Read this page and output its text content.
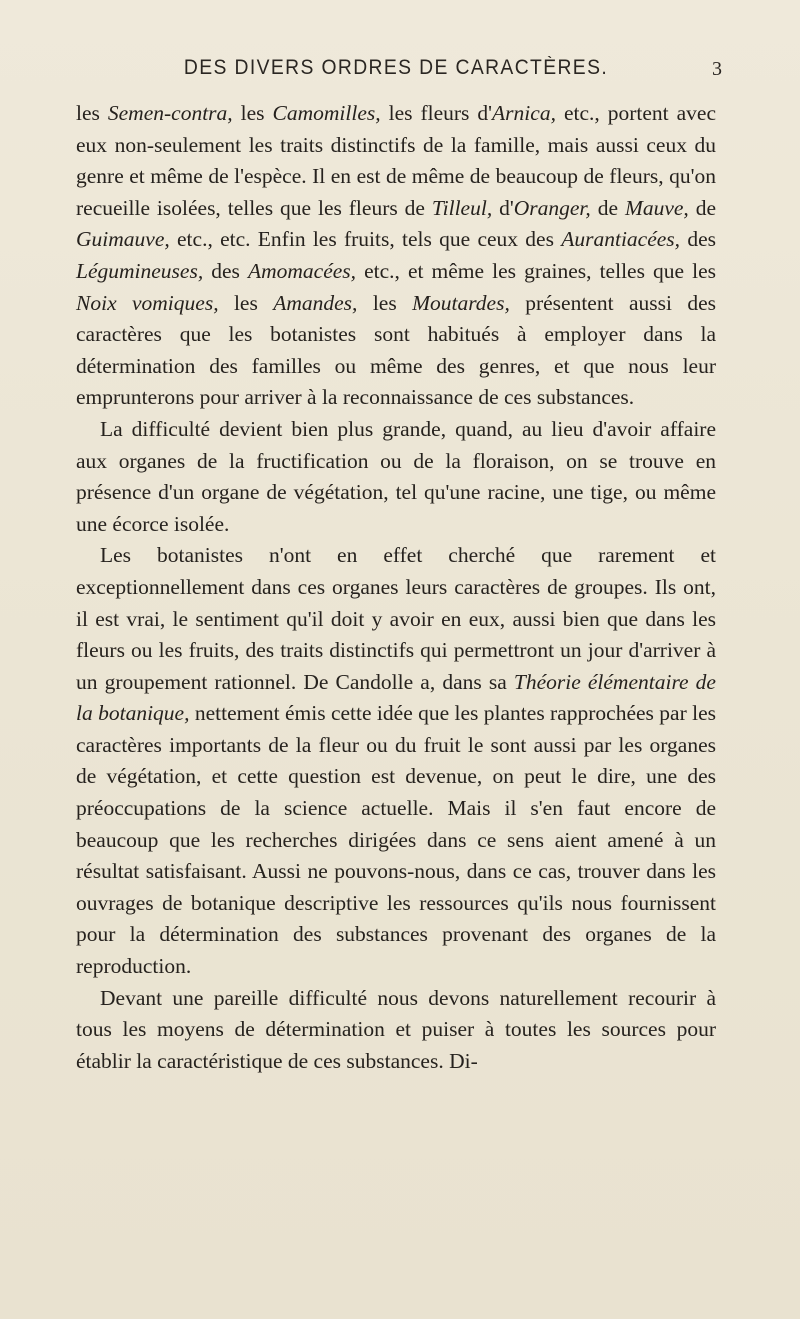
DES DIVERS ORDRES DE CARACTÈRES.	3

les Semen-contra, les Camomilles, les fleurs d'Arnica, etc., portent avec eux non-seulement les traits distinctifs de la famille, mais aussi ceux du genre et même de l'espèce. Il en est de même de beaucoup de fleurs, qu'on recueille isolées, telles que les fleurs de Tilleul, d'Oranger, de Mauve, de Guimauve, etc., etc. Enfin les fruits, tels que ceux des Aurantiacées, des Légumineuses, des Amomacées, etc., et même les graines, telles que les Noix vomiques, les Amandes, les Moutardes, présentent aussi des caractères que les botanistes sont habitués à employer dans la détermination des familles ou même des genres, et que nous leur emprunterons pour arriver à la reconnaissance de ces substances.

La difficulté devient bien plus grande, quand, au lieu d'avoir affaire aux organes de la fructification ou de la floraison, on se trouve en présence d'un organe de végétation, tel qu'une racine, une tige, ou même une écorce isolée.

Les botanistes n'ont en effet cherché que rarement et exceptionnellement dans ces organes leurs caractères de groupes. Ils ont, il est vrai, le sentiment qu'il doit y avoir en eux, aussi bien que dans les fleurs ou les fruits, des traits distinctifs qui permettront un jour d'arriver à un groupement rationnel. De Candolle a, dans sa Théorie élémentaire de la botanique, nettement émis cette idée que les plantes rapprochées par les caractères importants de la fleur ou du fruit le sont aussi par les organes de végétation, et cette question est devenue, on peut le dire, une des préoccupations de la science actuelle. Mais il s'en faut encore de beaucoup que les recherches dirigées dans ce sens aient amené à un résultat satisfaisant. Aussi ne pouvons-nous, dans ce cas, trouver dans les ouvrages de botanique descriptive les ressources qu'ils nous fournissent pour la détermination des substances provenant des organes de la reproduction.

Devant une pareille difficulté nous devons naturellement recourir à tous les moyens de détermination et puiser à toutes les sources pour établir la caractéristique de ces substances. Di-
